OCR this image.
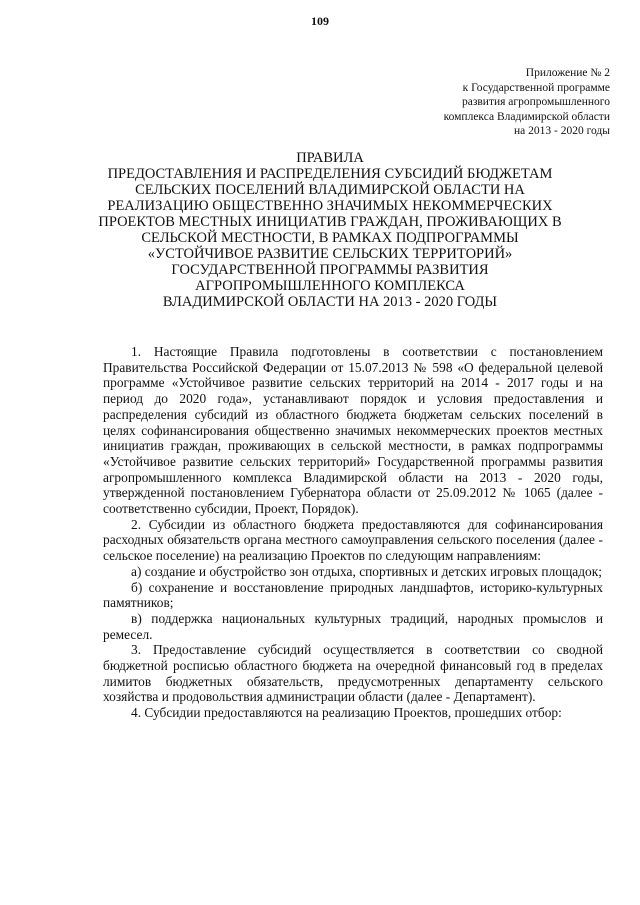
109
Приложение № 2
к Государственной программе
развития агропромышленного
комплекса Владимирской области
на 2013 - 2020 годы
ПРАВИЛА
ПРЕДОСТАВЛЕНИЯ И РАСПРЕДЕЛЕНИЯ СУБСИДИЙ БЮДЖЕТАМ
СЕЛЬСКИХ ПОСЕЛЕНИЙ ВЛАДИМИРСКОЙ ОБЛАСТИ НА
РЕАЛИЗАЦИЮ ОБЩЕСТВЕННО ЗНАЧИМЫХ НЕКОММЕРЧЕСКИХ
ПРОЕКТОВ МЕСТНЫХ ИНИЦИАТИВ ГРАЖДАН, ПРОЖИВАЮЩИХ В
СЕЛЬСКОЙ МЕСТНОСТИ, В РАМКАХ ПОДПРОГРАММЫ
«УСТОЙЧИВОЕ РАЗВИТИЕ СЕЛЬСКИХ ТЕРРИТОРИЙ»
ГОСУДАРСТВЕННОЙ ПРОГРАММЫ РАЗВИТИЯ
АГРОПРОМЫШЛЕННОГО КОМПЛЕКСА
ВЛАДИМИРСКОЙ ОБЛАСТИ НА 2013 - 2020 ГОДЫ

1. Настоящие Правила подготовлены в соответствии с постановлением Правительства Российской Федерации от 15.07.2013 № 598 «О федеральной целевой программе «Устойчивое развитие сельских территорий на 2014 - 2017 годы и на период до 2020 года», устанавливают порядок и условия предоставления и распределения субсидий из областного бюджета бюджетам сельских поселений в целях софинансирования общественно значимых некоммерческих проектов местных инициатив граждан, проживающих в сельской местности, в рамках подпрограммы «Устойчивое развитие сельских территорий» Государственной программы развития агропромышленного комплекса Владимирской области на 2013 - 2020 годы, утвержденной постановлением Губернатора области от 25.09.2012 № 1065 (далее - соответственно субсидии, Проект, Порядок).

2. Субсидии из областного бюджета предоставляются для софинансирования расходных обязательств органа местного самоуправления сельского поселения (далее - сельское поселение) на реализацию Проектов по следующим направлениям:

а) создание и обустройство зон отдыха, спортивных и детских игровых площадок;

б) сохранение и восстановление природных ландшафтов, историко-культурных памятников;

в) поддержка национальных культурных традиций, народных промыслов и ремесел.

3. Предоставление субсидий осуществляется в соответствии со сводной бюджетной росписью областного бюджета на очередной финансовый год в пределах лимитов бюджетных обязательств, предусмотренных департаменту сельского хозяйства и продовольствия администрации области (далее - Департамент).

4. Субсидии предоставляются на реализацию Проектов, прошедших отбор:
